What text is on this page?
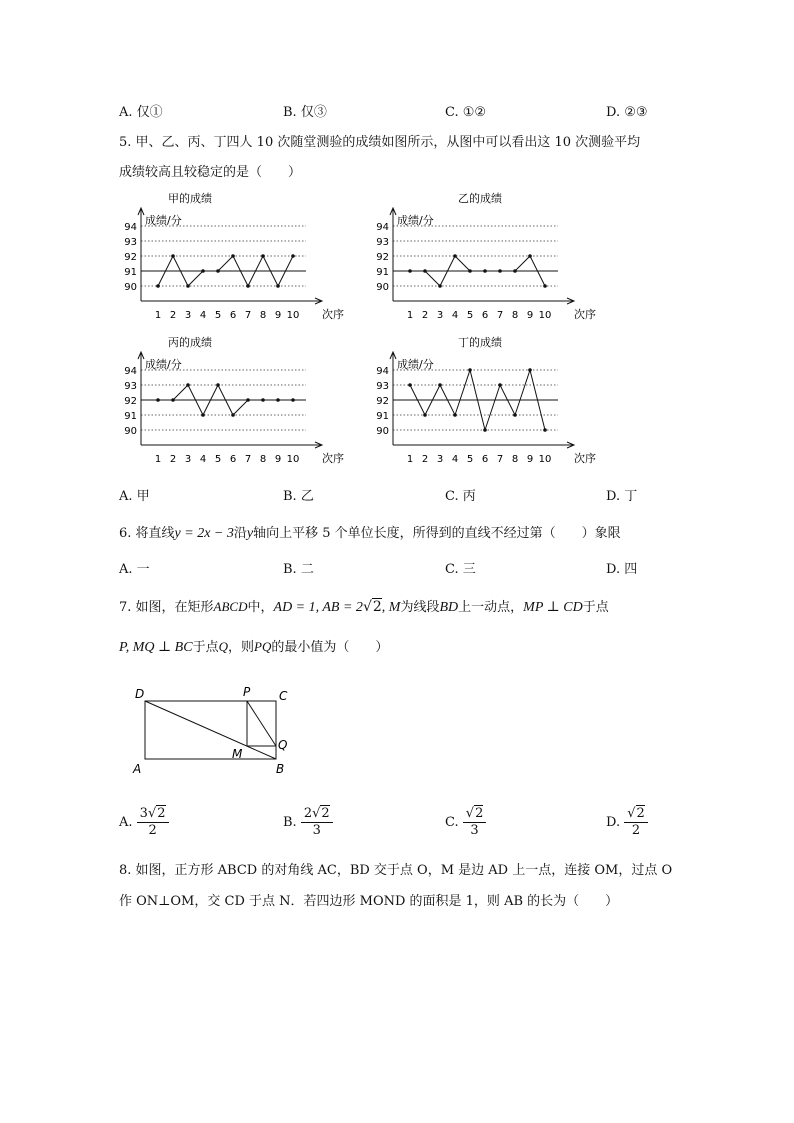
A. 仅①	B. 仅③	C. ①②	D. ②③
5. 甲、乙、丙、丁四人 10 次随堂测验的成绩如图所示，从图中可以看出这 10 次测验平均
成绩较高且较稳定的是（　　）
90
91
92
93
94
成绩/分
次序
甲的成绩
1 2 3 4 5 6 7 8 9 10
90
91
92
93
94
成绩/分
次序
乙的成绩
1 2 3 4 5 6 7 8 9 10
90
91
92
93
94
成绩/分
次序
丙的成绩
1 2 3 4 5 6 7 8 9 10
90
91
92
93
94
成绩/分
次序
丁的成绩
1 2 3 4 5 6 7 8 9 10
A. 甲	B. 乙	C. 丙	D. 丁
6. 将直线y = 2x − 3沿y轴向上平移 5 个单位长度，所得到的直线不经过第（　　）象限
A. 一	B. 二	C. 三	D. 四
7. 如图，在矩形ABCD中，AD = 1, AB = 2√2, M为线段BD上一动点，MP ⊥ CD于点
P, MQ ⊥ BC于点Q，则PQ的最小值为（　　）
D	P C
Q
M
A	B
A. $\frac{3√2}{2}$	B. $\frac{2√2}{3}$	C. $\frac{√2}{3}$	D. $\frac{√2}{2}$
8. 如图，正方形 ABCD 的对角线 AC，BD 交于点 O，M 是边 AD 上一点，连接 OM，过点 O
作 ON⊥OM，交 CD 于点 N．若四边形 MOND 的面积是 1，则 AB 的长为（　　）
